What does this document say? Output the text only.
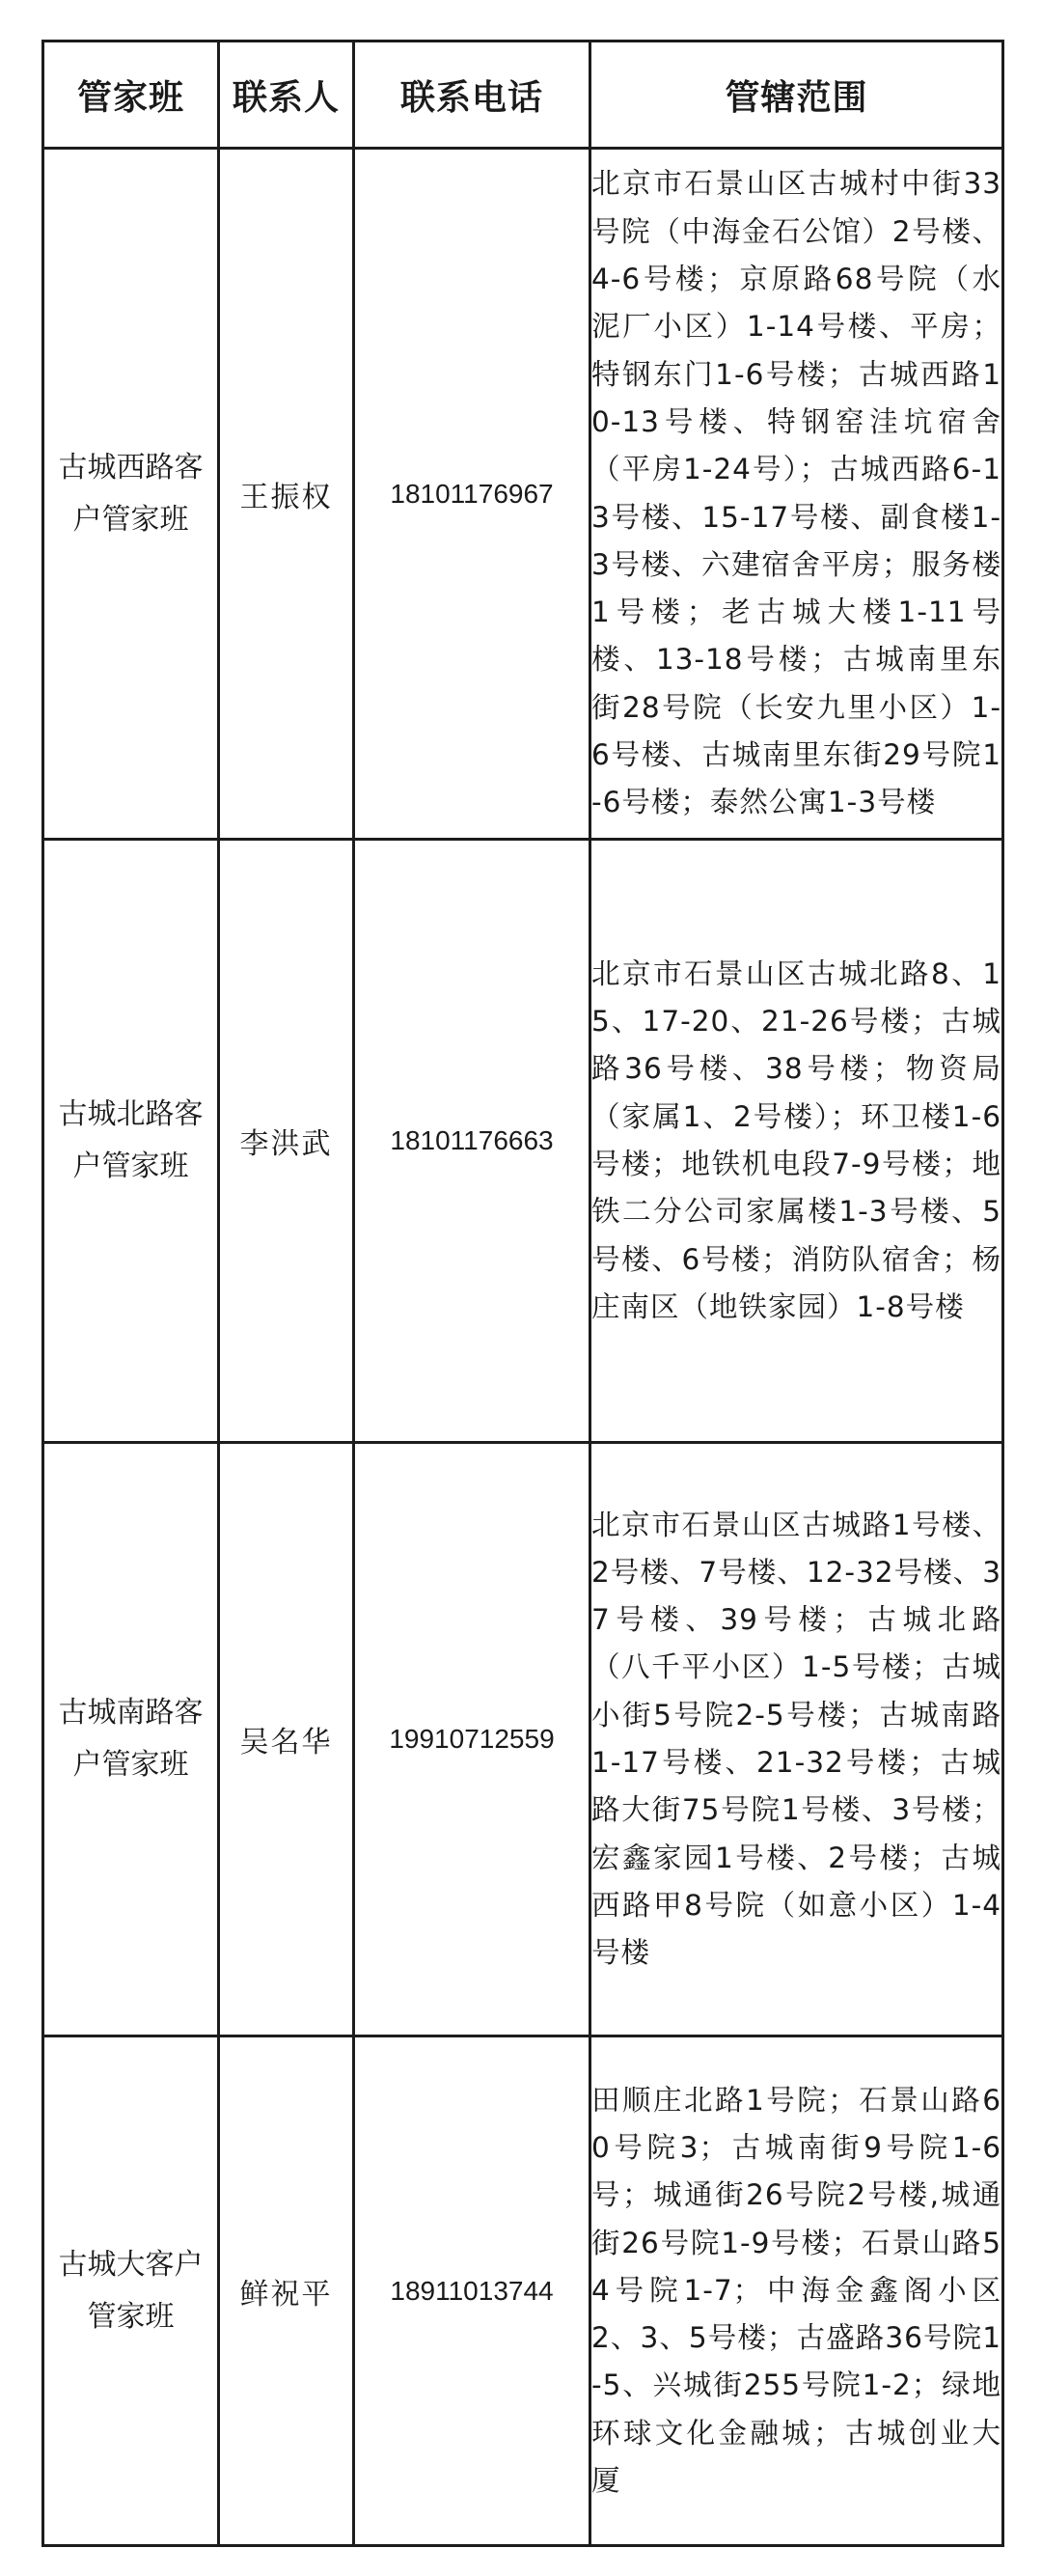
管家班	联系人	联系电话	管辖范围
古城西路客户管家班	王振权	18101176967	北京市石景山区古城村中街33号院（中海金石公馆）2号楼、4-6号楼；京原路68号院（水泥厂小区）1-14号楼、平房；特钢东门1-6号楼；古城西路10-13号楼、特钢窑洼坑宿舍（平房1-24号）；古城西路6-13号楼、15-17号楼、副食楼1-3号楼、六建宿舍平房；服务楼1号楼；老古城大楼1-11号楼、13-18号楼；古城南里东街28号院（长安九里小区）1-6号楼、古城南里东街29号院1-6号楼；泰然公寓1-3号楼
古城北路客户管家班	李洪武	18101176663	北京市石景山区古城北路8、15、17-20、21-26号楼；古城路36号楼、38号楼；物资局（家属1、2号楼）；环卫楼1-6号楼；地铁机电段7-9号楼；地铁二分公司家属楼1-3号楼、5号楼、6号楼；消防队宿舍；杨庄南区（地铁家园）1-8号楼
古城南路客户管家班	吴名华	19910712559	北京市石景山区古城路1号楼、2号楼、7号楼、12-32号楼、37号楼、39号楼；古城北路（八千平小区）1-5号楼；古城小街5号院2-5号楼；古城南路1-17号楼、21-32号楼；古城路大街75号院1号楼、3号楼；宏鑫家园1号楼、2号楼；古城西路甲8号院（如意小区）1-4号楼
古城大客户管家班	鲜祝平	18911013744	田顺庄北路1号院；石景山路60号院3；古城南街9号院1-6号；城通街26号院2号楼,城通街26号院1-9号楼；石景山路54号院1-7；中海金鑫阁小区2、3、5号楼；古盛路36号院1-5、兴城街255号院1-2；绿地环球文化金融城；古城创业大厦
